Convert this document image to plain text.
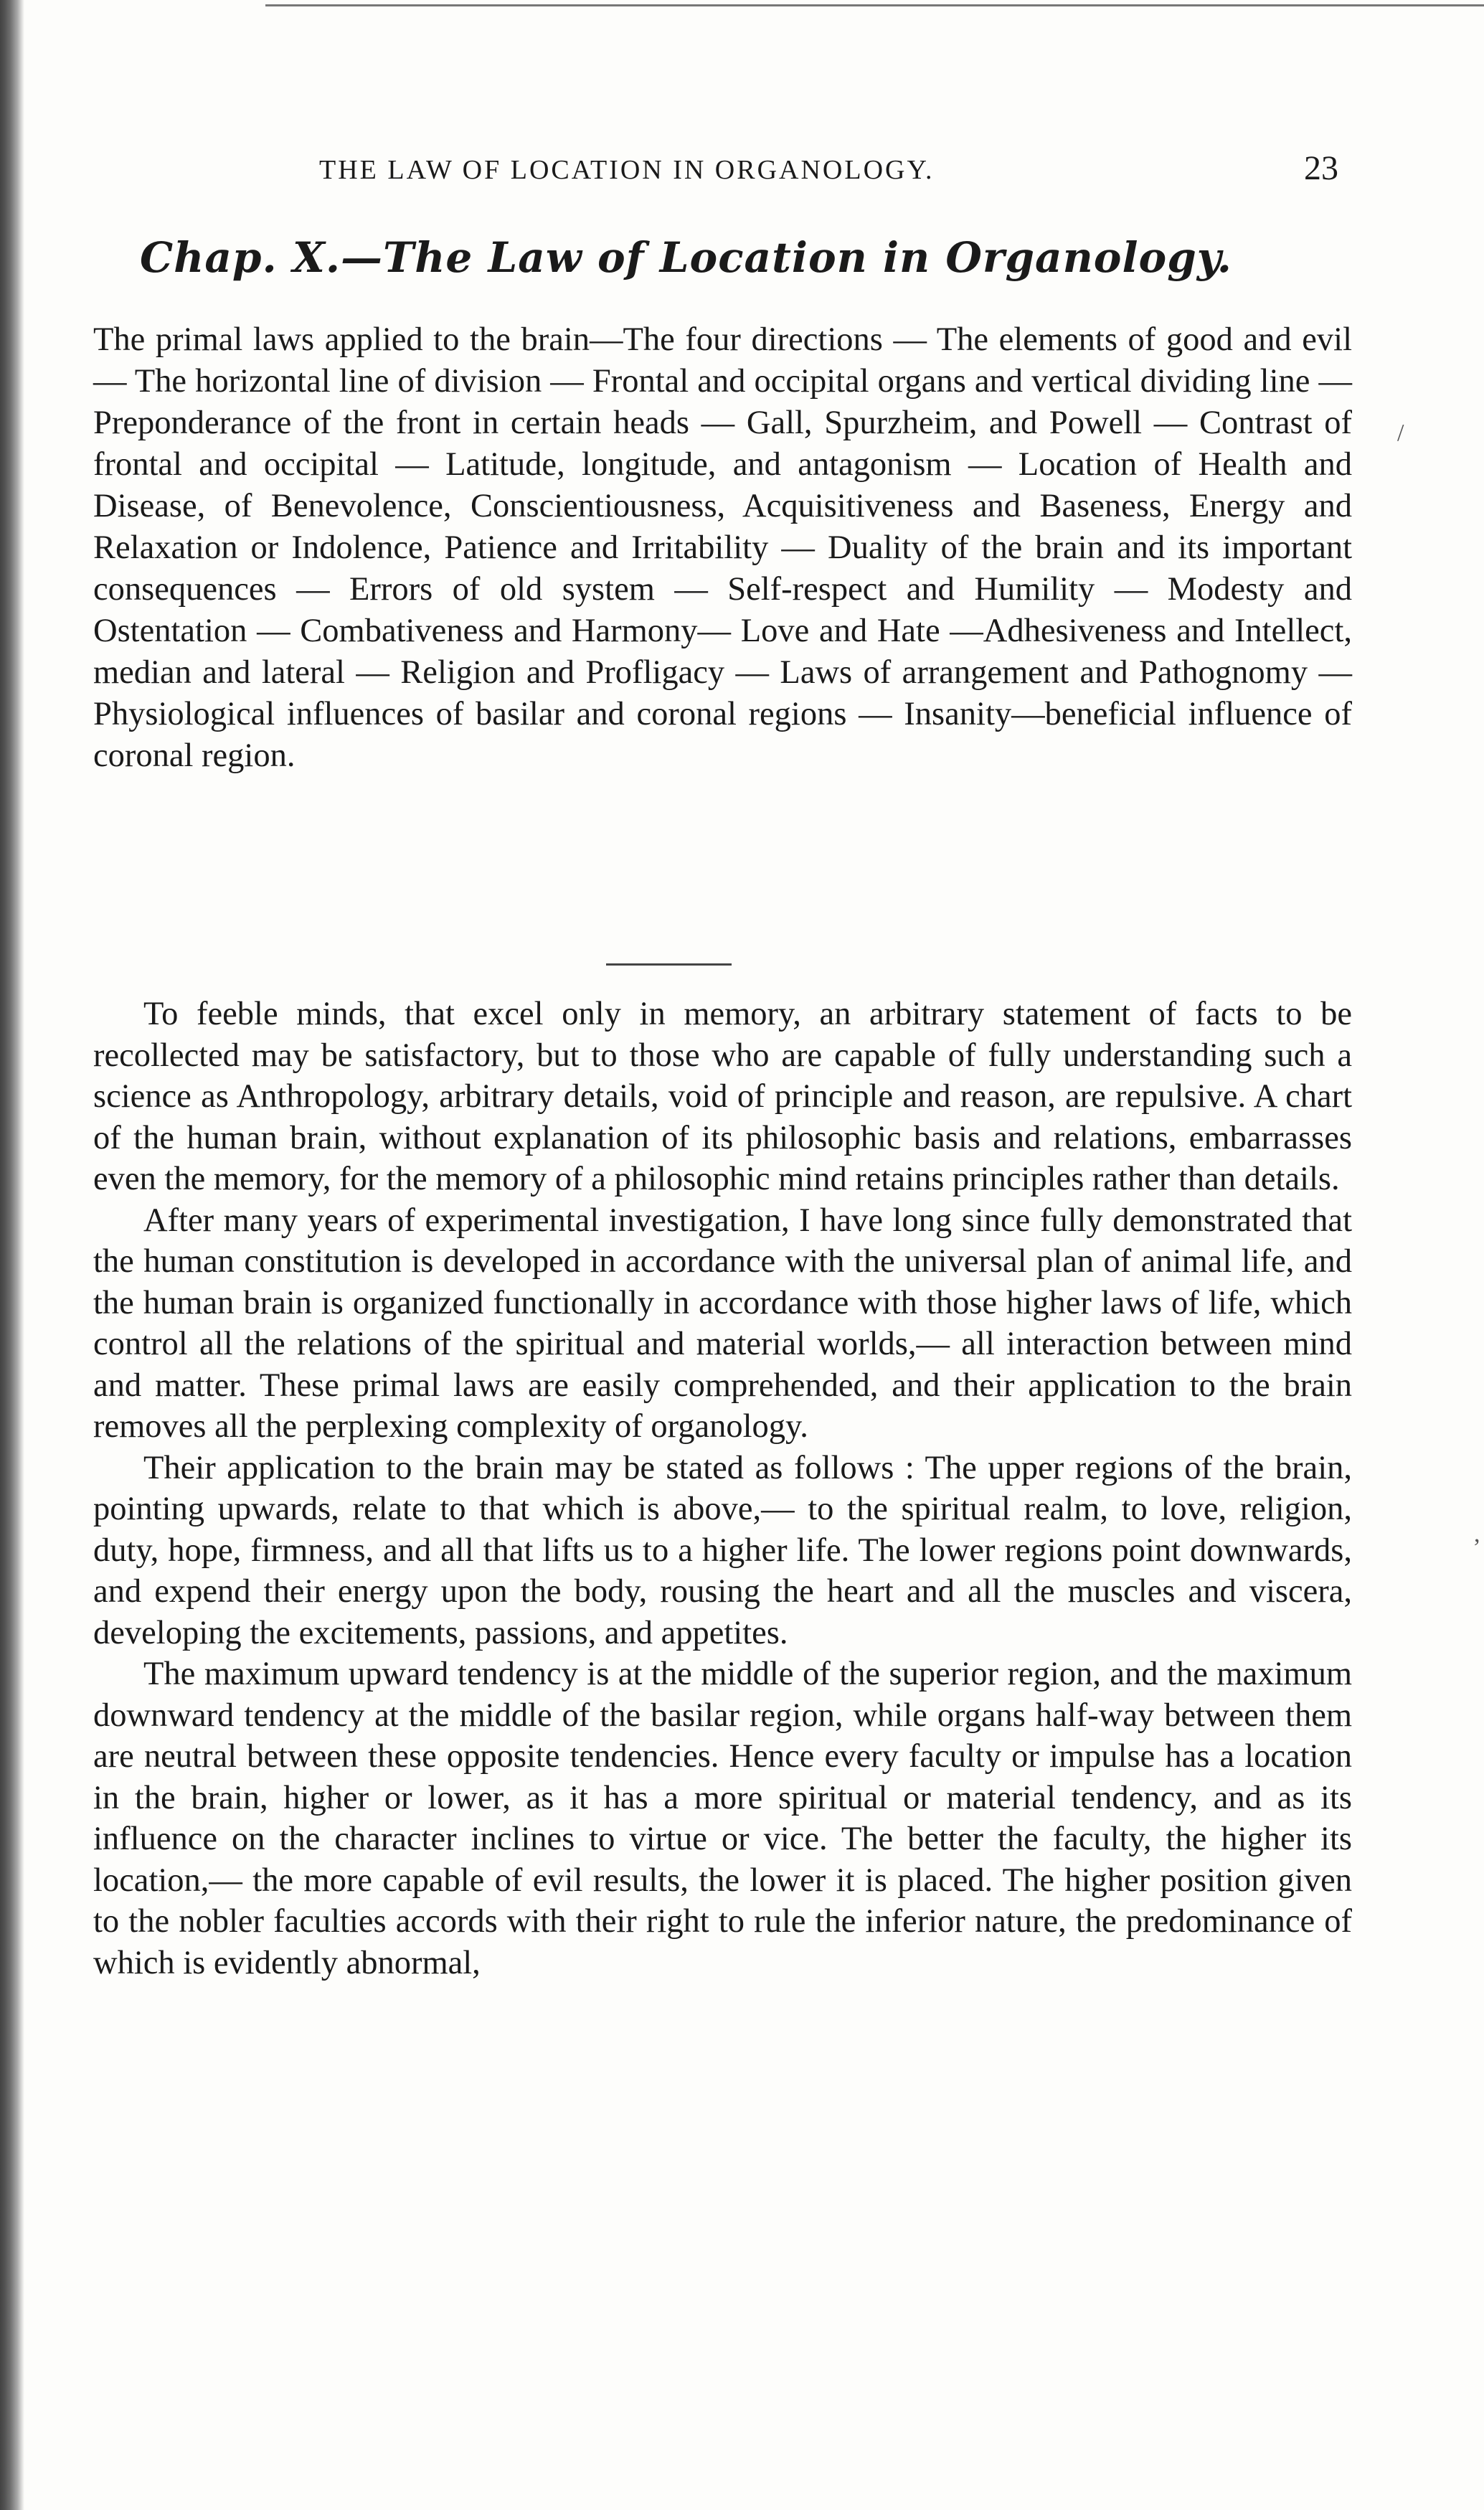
THE LAW OF LOCATION IN ORGANOLOGY.	23
Chap. X.—The Law of Location in Organology.
The primal laws applied to the brain—The four directions — The elements of good and evil — The horizontal line of division — Frontal and occipital organs and vertical dividing line — Preponderance of the front in certain heads — Gall, Spurzheim, and Powell — Contrast of frontal and occipital — Latitude, longitude, and antagonism — Location of Health and Disease, of Benevolence, Conscientiousness, Acquisitiveness and Baseness, Energy and Relaxation or Indolence, Patience and Irritability — Duality of the brain and its important consequences — Errors of old system — Self-respect and Humility — Modesty and Ostentation — Combativeness and Harmony— Love and Hate —Adhesiveness and Intellect, median and lateral — Religion and Profligacy — Laws of arrangement and Pathognomy — Physiological influences of basilar and coronal regions — Insanity—beneficial influence of coronal region.

To feeble minds, that excel only in memory, an arbitrary statement of facts to be recollected may be satisfactory, but to those who are capable of fully understanding such a science as Anthropology, arbitrary details, void of principle and reason, are repulsive. A chart of the human brain, without explanation of its philosophic basis and relations, embarrasses even the memory, for the memory of a philosophic mind retains principles rather than details.

After many years of experimental investigation, I have long since fully demonstrated that the human constitution is developed in accordance with the universal plan of animal life, and the human brain is organized functionally in accordance with those higher laws of life, which control all the relations of the spiritual and material worlds,— all interaction between mind and matter. These primal laws are easily comprehended, and their application to the brain removes all the perplexing complexity of organology.

Their application to the brain may be stated as follows : The upper regions of the brain, pointing upwards, relate to that which is above,— to the spiritual realm, to love, religion, duty, hope, firmness, and all that lifts us to a higher life. The lower regions point downwards, and expend their energy upon the body, rousing the heart and all the muscles and viscera, developing the excitements, passions, and appetites.

The maximum upward tendency is at the middle of the superior region, and the maximum downward tendency at the middle of the basilar region, while organs half-way between them are neutral between these opposite tendencies. Hence every faculty or impulse has a location in the brain, higher or lower, as it has a more spiritual or material tendency, and as its influence on the character inclines to virtue or vice. The better the faculty, the higher its location,— the more capable of evil results, the lower it is placed. The higher position given to the nobler faculties accords with their right to rule the inferior nature, the predominance of which is evidently abnormal,

/
,
